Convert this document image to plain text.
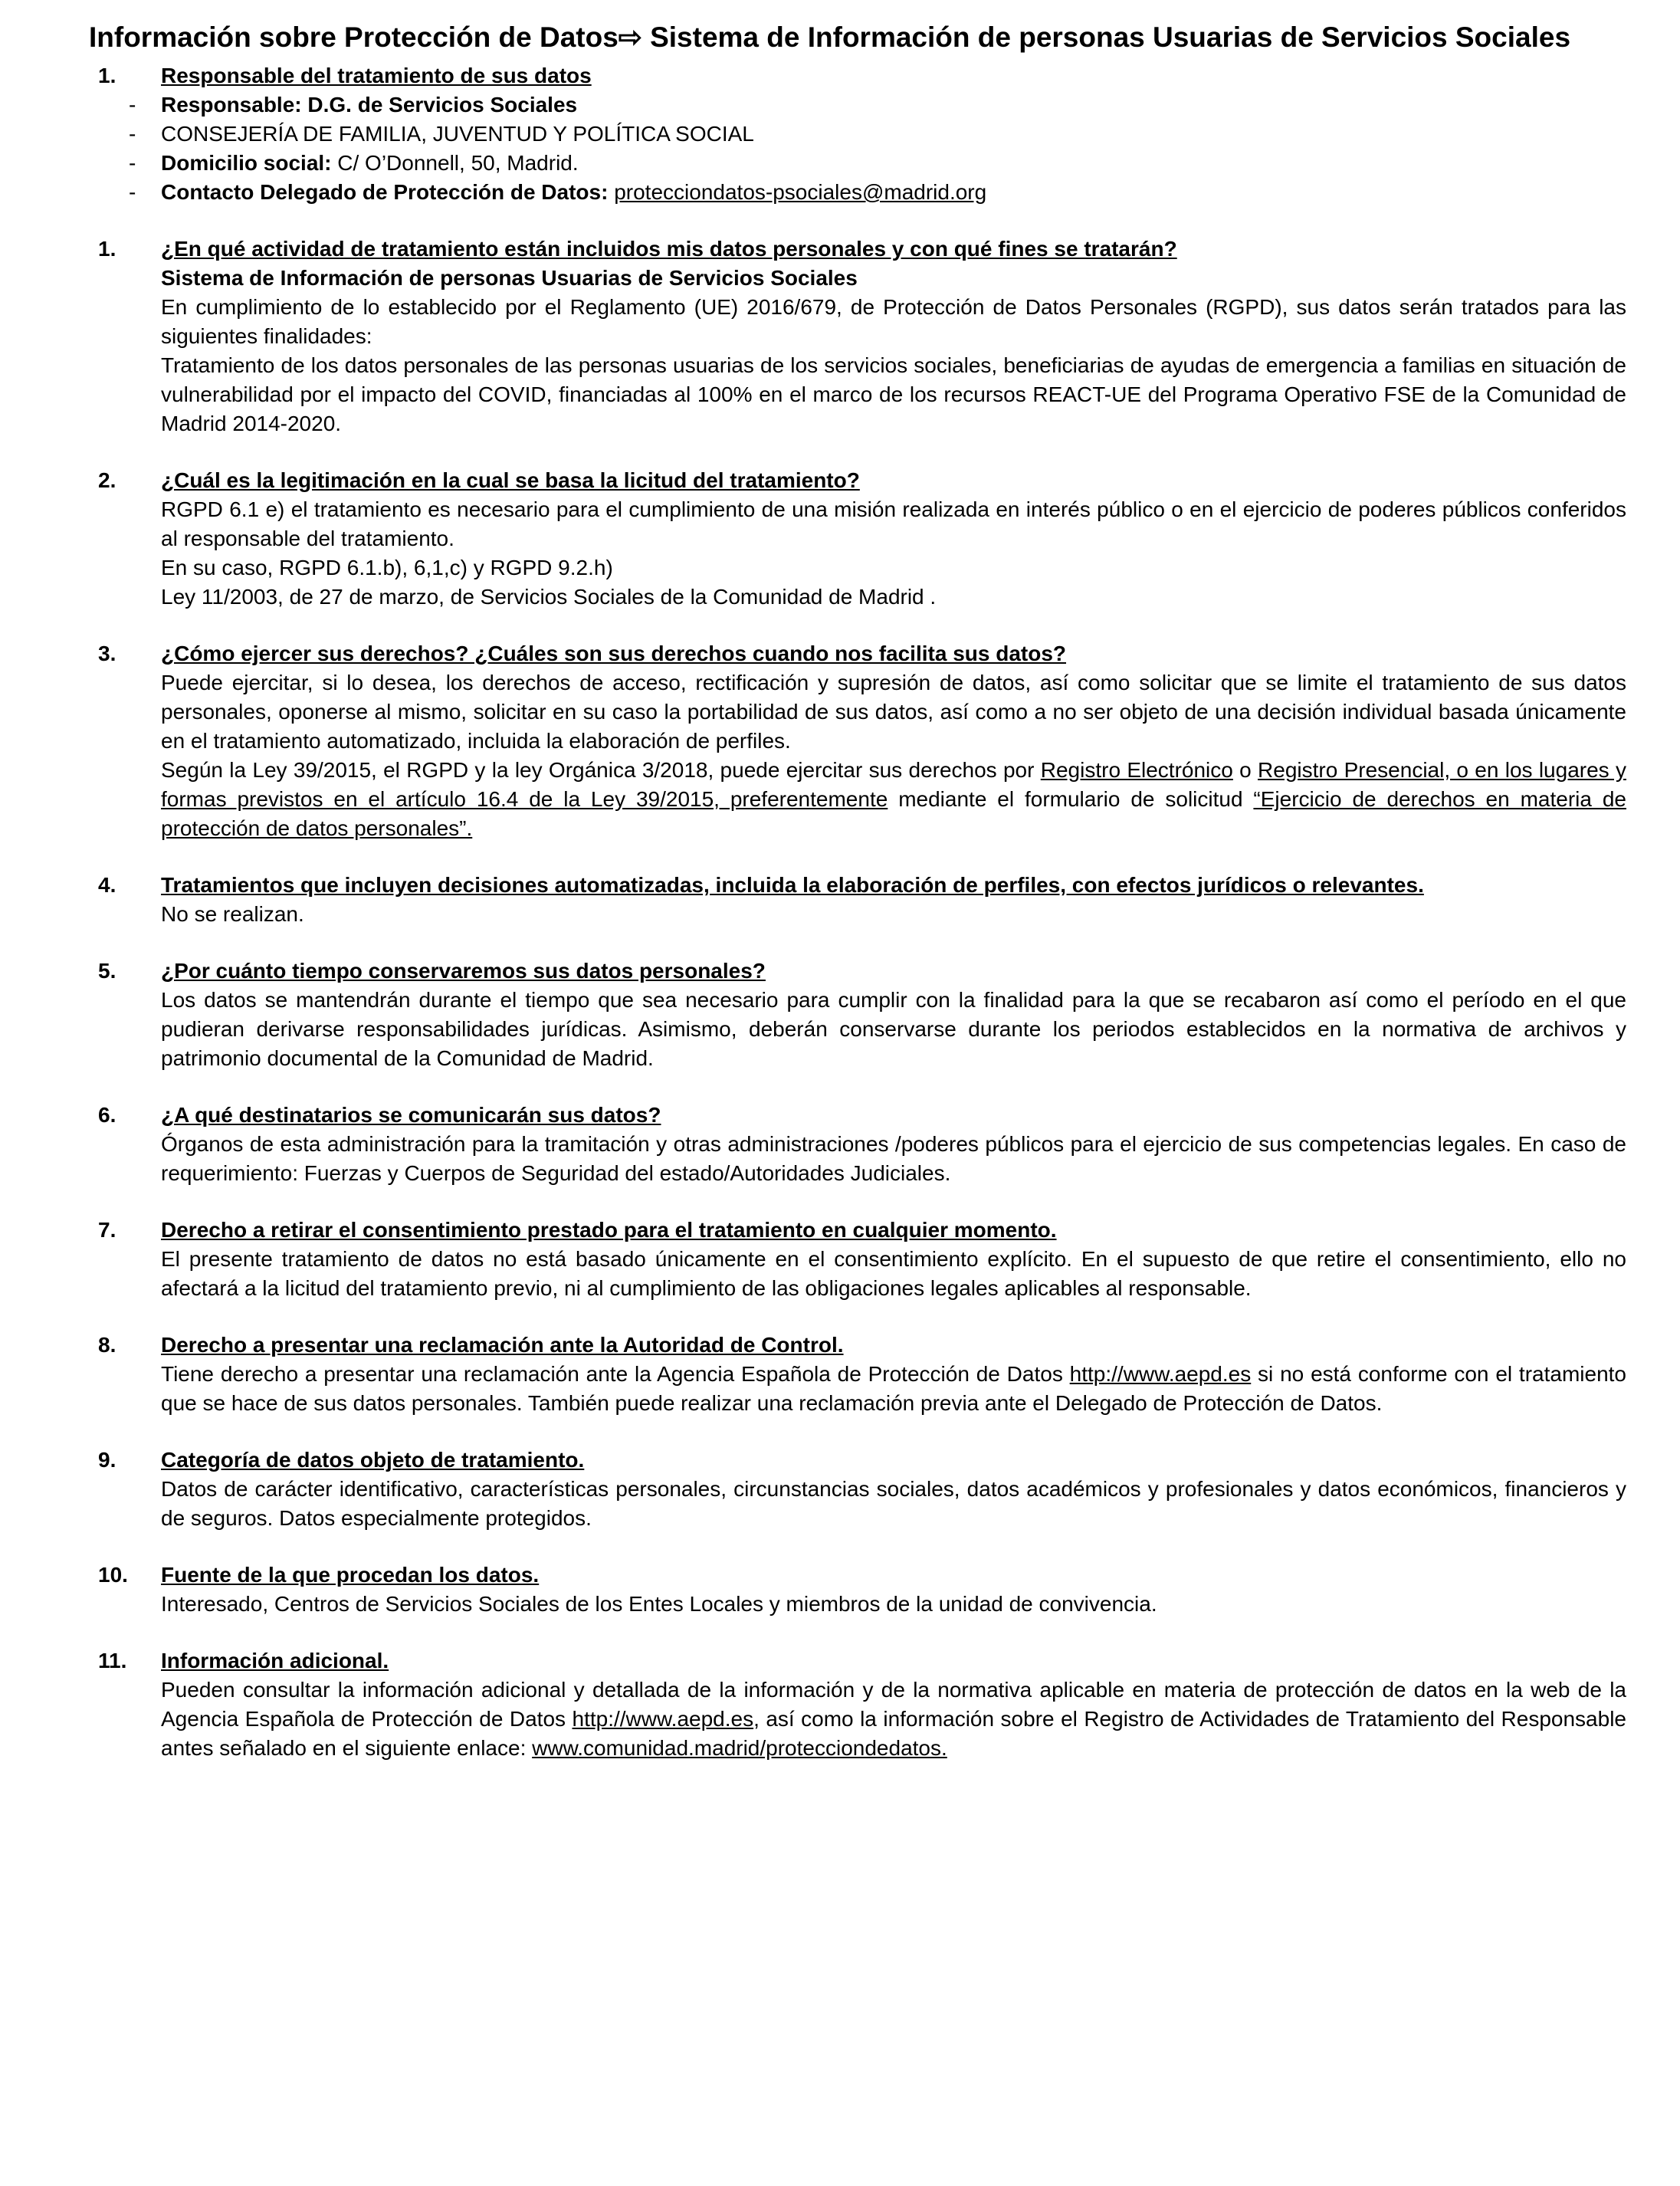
Información sobre Protección de Datos⇨ Sistema de Información de personas Usuarias de Servicios Sociales
1.	Responsable del tratamiento de sus datos
- Responsable: D.G. de Servicios Sociales
- CONSEJERÍA DE FAMILIA, JUVENTUD Y POLÍTICA SOCIAL
- Domicilio social: C/ O’Donnell, 50, Madrid.
- Contacto Delegado de Protección de Datos: protecciondatos-psociales@madrid.org
1.	¿En qué actividad de tratamiento están incluidos mis datos personales y con qué fines se tratarán?
Sistema de Información de personas Usuarias de Servicios Sociales
En cumplimiento de lo establecido por el Reglamento (UE) 2016/679, de Protección de Datos Personales (RGPD), sus datos serán tratados para las siguientes finalidades:
Tratamiento de los datos personales de las personas usuarias de los servicios sociales, beneficiarias de ayudas de emergencia a familias en situación de vulnerabilidad por el impacto del COVID, financiadas al 100% en el marco de los recursos REACT-UE del Programa Operativo FSE de la Comunidad de Madrid 2014-2020.
2.	¿Cuál es la legitimación en la cual se basa la licitud del tratamiento?
RGPD 6.1 e) el tratamiento es necesario para el cumplimiento de una misión realizada en interés público o en el ejercicio de poderes públicos conferidos al responsable del tratamiento.
En su caso, RGPD 6.1.b), 6,1,c) y RGPD 9.2.h)
Ley 11/2003, de 27 de marzo, de Servicios Sociales de la Comunidad de Madrid .
3.	¿Cómo ejercer sus derechos? ¿Cuáles son sus derechos cuando nos facilita sus datos?
Puede ejercitar, si lo desea, los derechos de acceso, rectificación y supresión de datos, así como solicitar que se limite el tratamiento de sus datos personales, oponerse al mismo, solicitar en su caso la portabilidad de sus datos, así como a no ser objeto de una decisión individual basada únicamente en el tratamiento automatizado, incluida la elaboración de perfiles.
Según la Ley 39/2015, el RGPD y la ley Orgánica 3/2018, puede ejercitar sus derechos por Registro Electrónico o Registro Presencial, o en los lugares y formas previstos en el artículo 16.4 de la Ley 39/2015, preferentemente mediante el formulario de solicitud “Ejercicio de derechos en materia de protección de datos personales”.
4.	Tratamientos que incluyen decisiones automatizadas, incluida la elaboración de perfiles, con efectos jurídicos o relevantes.
No se realizan.
5.	¿Por cuánto tiempo conservaremos sus datos personales?
Los datos se mantendrán durante el tiempo que sea necesario para cumplir con la finalidad para la que se recabaron así como el período en el que pudieran derivarse responsabilidades jurídicas. Asimismo, deberán conservarse durante los periodos establecidos en la normativa de archivos y patrimonio documental de la Comunidad de Madrid.
6.	¿A qué destinatarios se comunicarán sus datos?
Órganos de esta administración para la tramitación y otras administraciones /poderes públicos para el ejercicio de sus competencias legales. En caso de requerimiento: Fuerzas y Cuerpos de Seguridad del estado/Autoridades Judiciales.
7.	Derecho a retirar el consentimiento prestado para el tratamiento en cualquier momento.
El presente tratamiento de datos no está basado únicamente en el consentimiento explícito. En el supuesto de que retire el consentimiento, ello no afectará a la licitud del tratamiento previo, ni al cumplimiento de las obligaciones legales aplicables al responsable.
8.	Derecho a presentar una reclamación ante la Autoridad de Control.
Tiene derecho a presentar una reclamación ante la Agencia Española de Protección de Datos http://www.aepd.es si no está conforme con el tratamiento que se hace de sus datos personales. También puede realizar una reclamación previa ante el Delegado de Protección de Datos.
9.	Categoría de datos objeto de tratamiento.
Datos de carácter identificativo, características personales, circunstancias sociales, datos académicos y profesionales y datos económicos, financieros y de seguros. Datos especialmente protegidos.
10.	Fuente de la que procedan los datos.
Interesado, Centros de Servicios Sociales de los Entes Locales y miembros de la unidad de convivencia.
11.	Información adicional.
Pueden consultar la información adicional y detallada de la información y de la normativa aplicable en materia de protección de datos en la web de la Agencia Española de Protección de Datos http://www.aepd.es, así como la información sobre el Registro de Actividades de Tratamiento del Responsable antes señalado en el siguiente enlace: www.comunidad.madrid/protecciondedatos.
